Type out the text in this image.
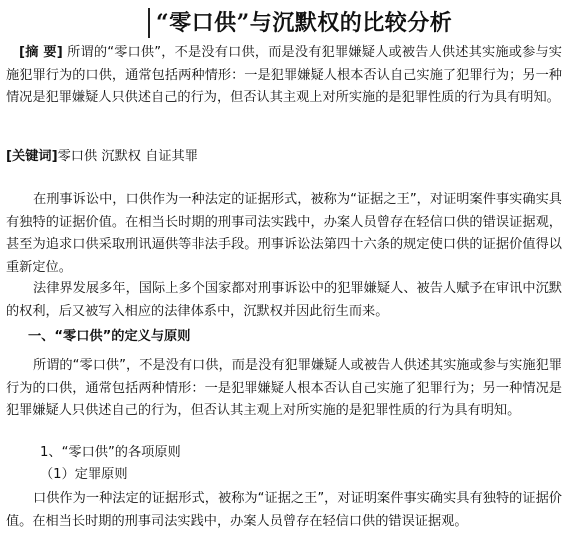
“零口供”与沉默权的比较分析
[摘 要] 所谓的“零口供”，不是没有口供，而是没有犯罪嫌疑人或被告人供述其实施或参与实施犯罪行为的口供，通常包括两种情形：一是犯罪嫌疑人根本否认自己实施了犯罪行为；另一种情况是犯罪嫌疑人只供述自己的行为，但否认其主观上对所实施的是犯罪性质的行为具有明知。
[关键词]零口供 沉默权 自证其罪
在刑事诉讼中，口供作为一种法定的证据形式，被称为“证据之王”，对证明案件事实确实具有独特的证据价值。在相当长时期的刑事司法实践中，办案人员曾存在轻信口供的错误证据观，甚至为追求口供采取刑讯逼供等非法手段。刑事诉讼法第四十六条的规定使口供的证据价值得以重新定位。
法律界发展多年，国际上多个国家都对刑事诉讼中的犯罪嫌疑人、被告人赋予在审讯中沉默的权利，后又被写入相应的法律体系中，沉默权并因此衍生而来。
一、“零口供”的定义与原则
所谓的“零口供”，不是没有口供，而是没有犯罪嫌疑人或被告人供述其实施或参与实施犯罪行为的口供，通常包括两种情形：一是犯罪嫌疑人根本否认自己实施了犯罪行为；另一种情况是犯罪嫌疑人只供述自己的行为，但否认其主观上对所实施的是犯罪性质的行为具有明知。
1、“零口供”的各项原则
（1）定罪原则
口供作为一种法定的证据形式，被称为“证据之王”，对证明案件事实确实具有独特的证据价值。在相当长时期的刑事司法实践中，办案人员曾存在轻信口供的错误证据观。
